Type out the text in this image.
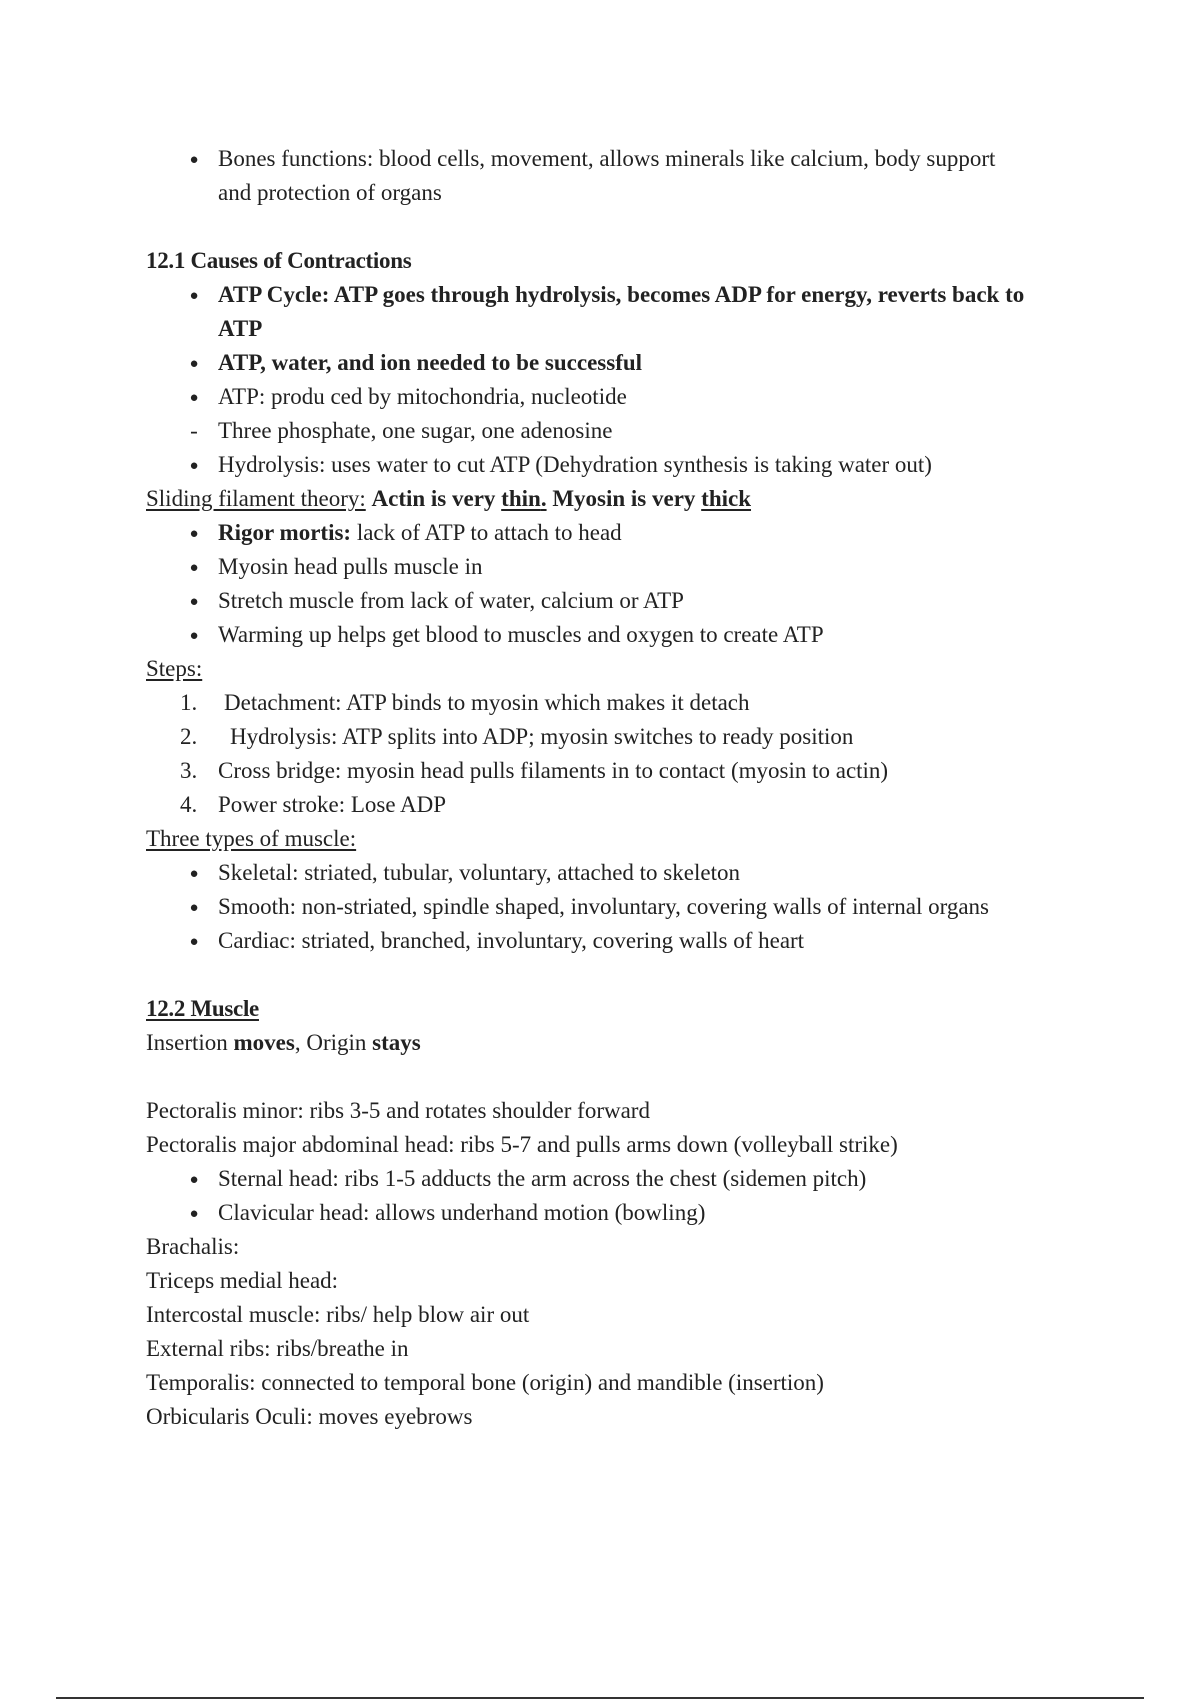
●
Bones functions: blood cells, movement, allows minerals like calcium, body support
and protection of organs

12.1 Causes of Contractions

●
ATP Cycle: ATP goes through hydrolysis, becomes ADP for energy, reverts back to
ATP
●
ATP, water, and ion needed to be successful
●
ATP: produ ced by mitochondria, nucleotide
- Three phosphate, one sugar, one adenosine
●
Hydrolysis: uses water to cut ATP (Dehydration synthesis is taking water out)

Sliding filament theory: Actin is very thin. Myosin is very thick

●
Rigor mortis: lack of ATP to attach to head
●
Myosin head pulls muscle in
●
Stretch muscle from lack of water, calcium or ATP
●
Warming up helps get blood to muscles and oxygen to create ATP

Steps:

1. Detachment: ATP binds to myosin which makes it detach
2. Hydrolysis: ATP splits into ADP; myosin switches to ready position
3. Cross bridge: myosin head pulls filaments in to contact (myosin to actin)
4. Power stroke: Lose ADP

Three types of muscle:

●
Skeletal: striated, tubular, voluntary, attached to skeleton
●
Smooth: non-striated, spindle shaped, involuntary, covering walls of internal organs
●
Cardiac: striated, branched, involuntary, covering walls of heart

12.2 Muscle

Insertion moves, Origin stays

Pectoralis minor: ribs 3-5 and rotates shoulder forward

Pectoralis major abdominal head: ribs 5-7 and pulls arms down (volleyball strike)

●
Sternal head: ribs 1-5 adducts the arm across the chest (sidemen pitch)
●
Clavicular head: allows underhand motion (bowling)

Brachalis:

Triceps medial head:

Intercostal muscle: ribs/ help blow air out

External ribs: ribs/breathe in

Temporalis: connected to temporal bone (origin) and mandible (insertion)

Orbicularis Oculi: moves eyebrows
